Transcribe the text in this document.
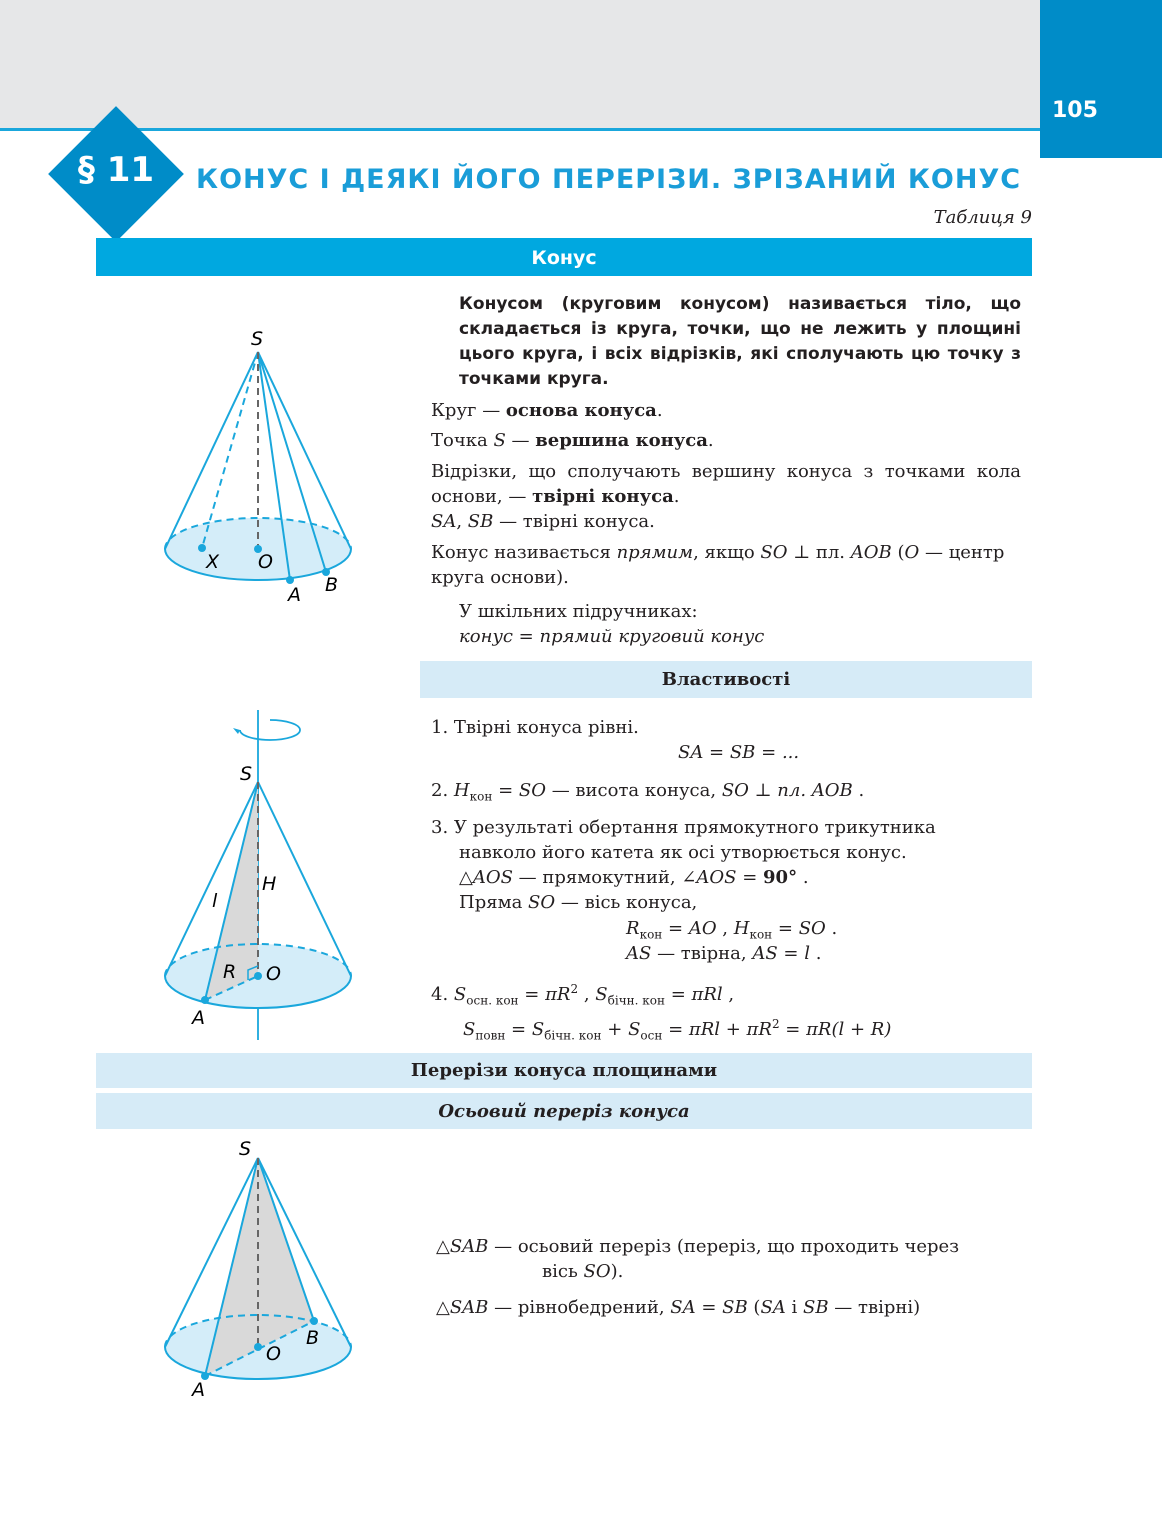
105
§ 11 КОНУС І ДЕЯКІ ЙОГО ПЕРЕРІЗИ. ЗРІЗАНИЙ КОНУС
Таблиця 9
Конус
S
X O
A B
Конусом (круговим конусом) називається тіло, що складається із круга, точки, що не лежить у площині цього круга, і всіх відрізків, які сполучають цю точку з точками круга.
Круг — основа конуса.
Точка S — вершина конуса.
Відрізки, що сполучають вершину конуса з точками кола основи, — твірні конуса.
SA, SB — твірні конуса.
Конус називається прямим, якщо SO ⊥ пл. AOB (O — центр круга основи).
У шкільних підручниках:
конус = прямий круговий конус
Властивості
S
l
H
R O
A
1. Твірні конуса рівні.
SA = SB = ...
2. $H_{кон}$ = SO — висота конуса, SO ⊥ пл. AOB .
3. У результаті обертання прямокутного трикутника
навколо його катета як осі утворюється конус.
△AOS — прямокутний, ∠AOS = 90° .
Пряма SO — вісь конуса,
$R_{кон}$ = AO , $H_{кон}$ = SO .
AS — твірна, AS = l .
4. $S_{осн. кон} = \pi R^2$ , $S_{бічн. кон} = \pi Rl$ ,
$S_{повн} = S_{бічн. кон} + S_{осн} = \pi Rl + \pi R^2 = \pi R(l + R)$
Перерізи конуса площинами
Осьовий переріз конуса
S
B
O
A
△SAB — осьовий переріз (переріз, що проходить через
вісь SO).
△SAB — рівнобедрений, SA = SB (SA і SB — твірні)
